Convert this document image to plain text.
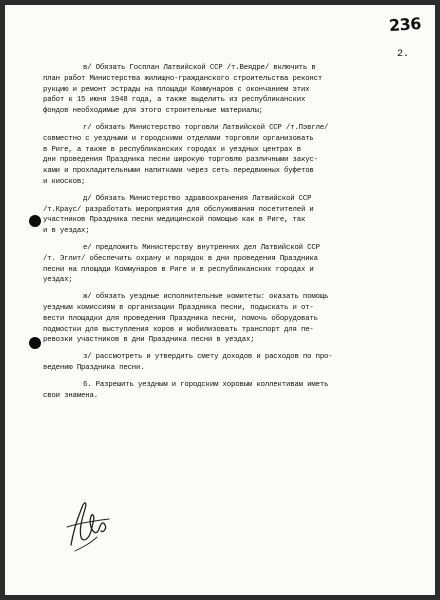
236
2.
в/ Обязать Госплан Латвийской ССР /т.Веядре/ включить в
план работ Министерства жилищно-гражданского строительства реконст
рукцию и ремонт эстрады на площади Коммунаров с окончанием этих
работ к 15 июня 1948 года, а также выделить из республиканских
фондов необходимые для этого строительные материалы;
г/ обязать Министерство торговли Латвийской ССР /т.Пэвгле/
совместно с уездными и городскими отделами торговли организовать
в Риге, а также в республиканских городах и уездных центрах в
дни проведения Праздника песни широкую торговлю различными закус-
ками и прохладительными напитками через сеть передвижных буфетов
и киосков;
д/ Обязать Министерство здравоохранения Латвийской ССР
/т.Краус/ разработать мероприятия для обслуживания посетителей и
участников Праздника песни медицинской помощью как в Риге, так
и в уездах;
е/ предложить Министерству внутренних дел Латвийской ССР
/т. Эглит/ обеспечить охрану и порядок в дни проведения Праздника
песни на площади Коммунаров в Риге и в республиканских городах и
уездах;
ж/ обязать уездные исполнительные комитеты: оказать помощь
уездным комиссиям в организации Праздника песни, подыскать и от-
вести площадки для проведения Праздника песни, помочь оборудовать
подмостки для выступления хоров и мобилизовать транспорт для пе-
ревозки участников в дни Праздника песни в уездах;
з/ рассмотреть и утвердить смету доходов и расходов по про-
ведению Праздника песни.
6. Разрешить уездным и городским хоровым коллективам иметь
свои знамена.
